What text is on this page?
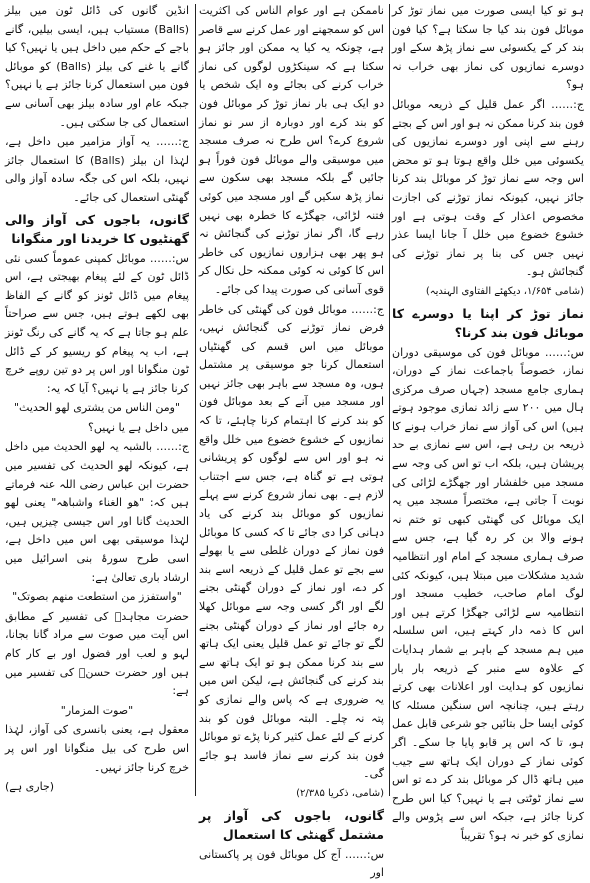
ہو تو کیا ایسی صورت میں نماز توڑ کر موبائل فون بند کیا جا سکتا ہے؟ کیا فون بند کر کے یکسوئی سے نماز پڑھ سکے اور دوسرے نمازیوں کی نماز بھی خراب نہ ہو؟

ج:…… اگر عمل قلیل کے ذریعہ موبائل فون بند کرنا ممکن نہ ہو اور اس کے بجتے رہنے سے اپنی اور دوسرے نمازیوں کی یکسوئی میں خلل واقع ہوتا ہو تو محض اس وجہ سے نماز توڑ کر موبائل بند کرنا جائز نہیں، کیونکہ نماز توڑنے کی اجازت مخصوص اعذار کے وقت ہوتی ہے اور خشوع خضوع میں خلل آ جانا ایسا عذر نہیں جس کی بنا پر نماز توڑنے کی گنجائش ہو۔

(شامی ۱/۶۵۴، دیکھئے الفتاوی الہندیہ)

نماز توڑ کر اپنا یا دوسرے کا موبائل فون بند کرنا؟

س:…… موبائل فون کی موسیقی دوران نماز، خصوصاً باجماعت نماز کے دوران، ہماری جامع مسجد (جہاں صرف مرکزی ہال میں ۲۰۰ سے زائد نمازی موجود ہوتے ہیں) اس کی آواز سے نماز خراب ہونے کا ذریعہ بن رہی ہے، اس سے نمازی بے حد پریشان ہیں، بلکہ اب تو اس کی وجہ سے مسجد میں خلفشار اور جھگڑے لڑائی کی نوبت آ جاتی ہے، مختصراً مسجد میں یہ ایک موبائل کی گھنٹی کبھی تو ختم نہ ہونے والا بن کر رہ گیا ہے، جس سے صرف ہماری مسجد کے امام اور انتظامیہ شدید مشکلات میں مبتلا ہیں، کیونکہ کئی لوگ امام صاحب، خطیب مسجد اور انتظامیہ سے لڑائی جھگڑا کرتے ہیں اور اس کا ذمہ دار کہتے ہیں، اس سلسلہ میں ہم مسجد کے باہر بے شمار ہدایات کے علاوہ سے منبر کے ذریعہ بار بار نمازیوں کو ہدایت اور اعلانات بھی کرتے رہتے ہیں، چنانچہ اس سنگین مسئلہ کا کوئی ایسا حل بتائیں جو شرعی قابل عمل ہو، تا کہ اس پر قابو پایا جا سکے۔ اگر کوئی نماز کے دوران ایک ہاتھ سے جیب میں ہاتھ ڈال کر موبائل بند کر دے تو اس سے نماز ٹوٹتی ہے یا نہیں؟ کیا اس طرح کرنا جائز ہے، جبکہ اس سے پڑوس والے نمازی کو خبر نہ ہو؟ تقریباً

ناممکن ہے اور عوام الناس کی اکثریت اس کو سمجھنے اور عمل کرنے سے قاصر ہے، چونکہ یہ کیا یہ ممکن اور جائز ہو سکتا ہے کہ سینکڑوں لوگوں کی نماز خراب کرنے کی بجائے وہ ایک شخص یا دو ایک ہی بار نماز توڑ کر موبائل فون کو بند کرے اور دوبارہ از سر نو نماز شروع کرے؟ اس طرح نہ صرف مسجد میں موسیقی والے موبائل فون فوراً ہو جائیں گے بلکہ مسجد بھی سکون سے نماز پڑھ سکیں گے اور مسجد میں کوئی فتنہ لڑائی، جھگڑے کا خطرہ بھی نہیں رہے گا، اگر نماز توڑنے کی گنجائش نہ ہو پھر بھی ہزاروں نمازیوں کی خاطر اس کا کوئی نہ کوئی ممکنہ حل نکال کر قوی آسانی کی صورت پیدا کی جائے۔

ج:…… موبائل فون کی گھنٹی کی خاطر فرض نماز توڑنے کی گنجائش نہیں، موبائل میں اس قسم کی گھنٹیاں استعمال کرنا جو موسیقی پر مشتمل ہوں، وہ مسجد سے باہر بھی جائز نہیں اور مسجد میں آنے کے بعد موبائل فون کو بند کرنے کا اہتمام کرنا چاہئے، تا کہ نمازیوں کے خشوع خضوع میں خلل واقع نہ ہو اور اس سے لوگوں کو پریشانی ہوتی ہے تو گناہ ہے، جس سے اجتناب لازم ہے۔ بھی نماز شروع کرنے سے پہلے نمازیوں کو موبائل بند کرنے کی یاد دہانی کرا دی جائے تا کہ کسی کا موبائل فون نماز کے دوران غلطی سے یا بھولے سے بجے تو عمل قلیل کے ذریعہ اسے بند کر دے، اور نماز کے دوران گھنٹی بجنے لگے اور اگر کسی وجہ سے موبائل کھلا رہ جائے اور نماز کے دوران گھنٹی بجنے لگے تو جائے تو عمل قلیل یعنی ایک ہاتھ سے بند کرنا ممکن ہو تو ایک ہاتھ سے بند کرنے کی گنجائش ہے، لیکن اس میں یہ ضروری ہے کہ پاس والے نمازی کو پتہ نہ چلے۔ البتہ موبائل فون کو بند کرنے کے لئے عمل کثیر کرنا پڑے تو موبائل فون بند کرنے سے نماز فاسد ہو جائے گی۔

(شامی، ذکریا ۲/۳۸۵)

گانوں، باجوں کی آواز پر مشتمل گھنٹی کا استعمال

س:…… آج کل موبائل فون پر پاکستانی اور

انڈین گانوں کی ڈائل ٹون میں بیلز (Balls) مستیاب ہیں، ایسی بیلیں، گانے باجے کے حکم میں داخل ہیں یا نہیں؟ کیا گانے یا غنے کی بیلز (Balls) کو موبائل فون میں استعمال کرنا جائز ہے یا نہیں؟ جبکہ عام اور سادہ بیلز بھی آسانی سے استعمال کی جا سکتی ہیں۔

ج:…… یہ آواز مزامیر میں داخل ہے، لہٰذا ان بیلز (Balls) کا استعمال جائز نہیں، بلکہ اس کی جگہ سادہ آواز والی گھنٹی استعمال کی جائے۔

گانوں، باجوں کی آواز والی گھنٹیوں کا خریدنا اور منگوانا

س:…… موبائل کمپنی عموماً کسی نئی ڈائل ٹون کے لئے پیغام بھیجتی ہے، اس پیغام میں ڈائل ٹونز کو گانے کے الفاظ بھی لکھے ہوتے ہیں، جس سے صراحتاً علم ہو جاتا ہے کہ یہ گانے کی رنگ ٹونز ہے، اب یہ پیغام کو ریسیو کر کے ڈائل ٹون منگوانا اور اس پر دو تین روپے خرچ کرنا جائز ہے یا نہیں؟ آیا کہ یہ:

"ومن الناس من یشتری لھو الحدیث"

میں داخل ہے یا نہیں؟

ج:…… بالشبہ یہ لھو الحدیث میں داخل ہے، کیونکہ لھو الحدیث کی تفسیر میں حضرت ابن عباس رضی اللہ عنہ فرماتے ہیں کہ: "ھو الغناء واشباھہ" یعنی لھو الحدیث گانا اور اس جیسی چیزیں ہیں، لہٰذا موسیقی بھی اس میں داخل ہے، اسی طرح سورۂ بنی اسرائیل میں ارشاد باری تعالیٰ ہے:

"واستفزز من استطعت منھم بصوتک"

حضرت مجاہدؒ کی تفسیر کے مطابق اس آیت میں صوت سے مراد گانا بجانا، لہو و لعب اور فضول اور بے کار کام ہیں اور حضرت حسنؓ کی تفسیر میں ہے:

"صوت المزمار"

معقول ہے، یعنی بانسری کی آواز، لہٰذا اس طرح کی بیل منگوانا اور اس پر خرچ کرنا جائز نہیں۔

(جاری ہے)
